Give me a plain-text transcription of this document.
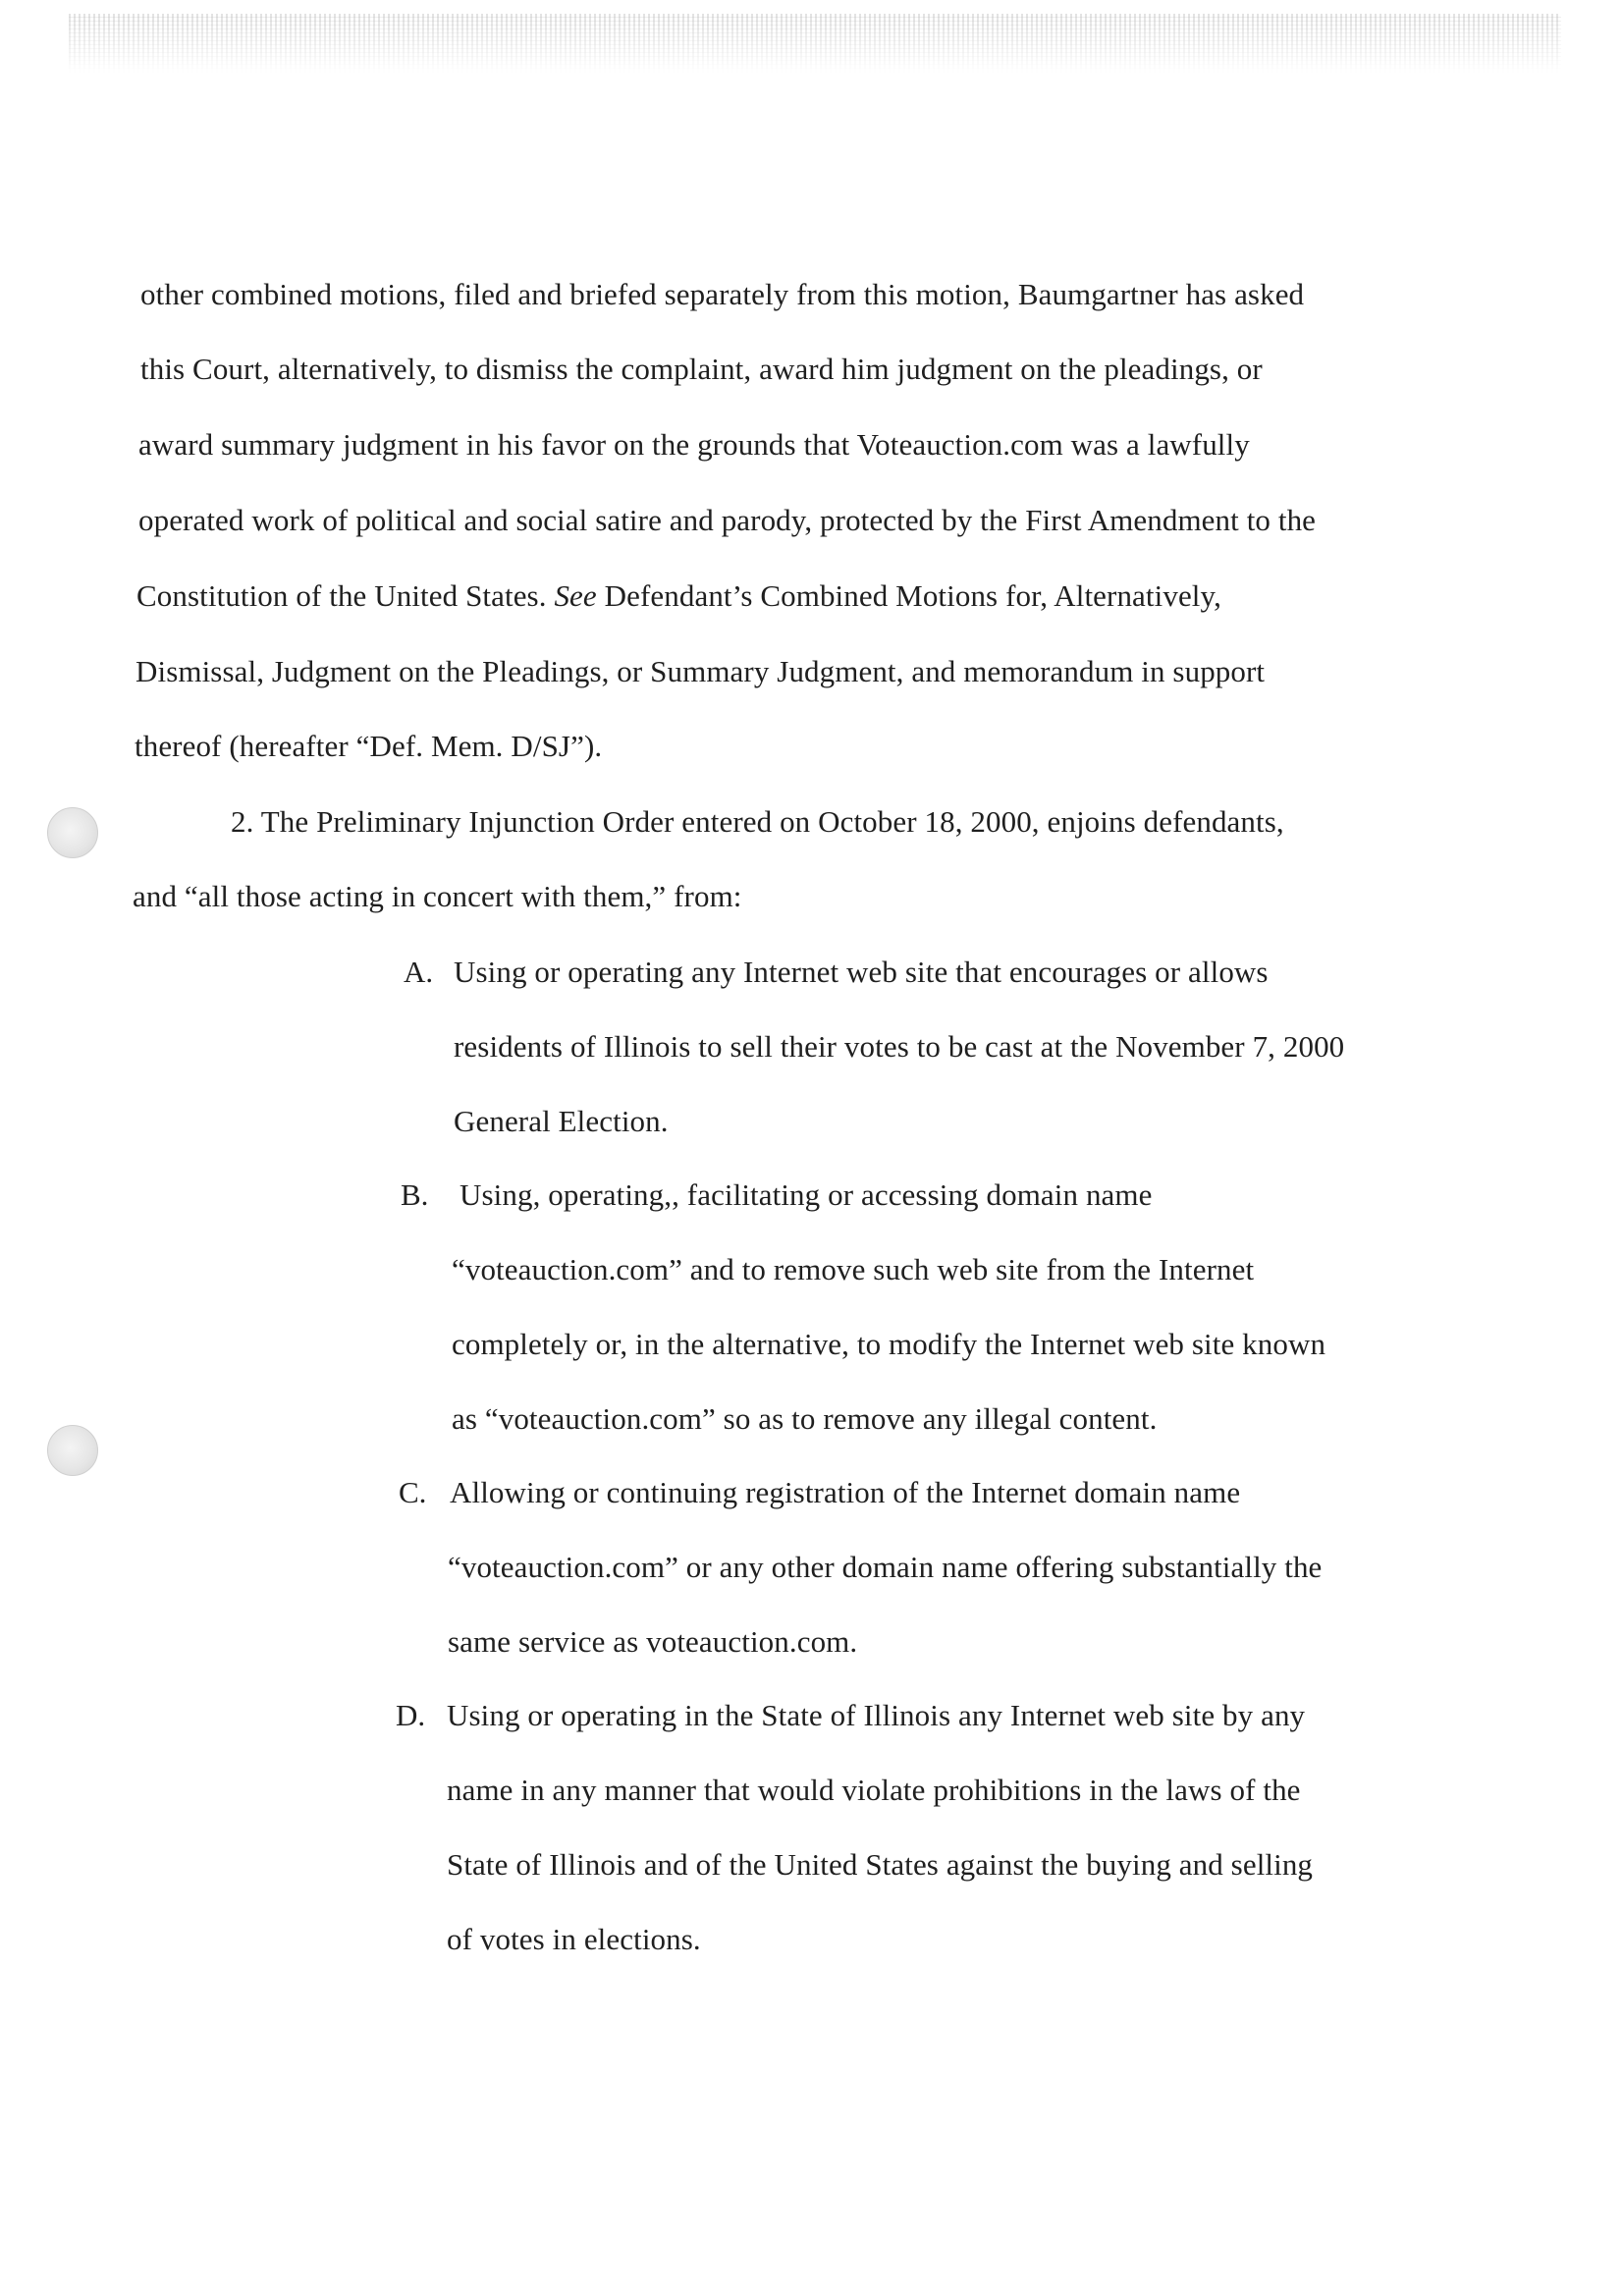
other combined motions, filed and briefed separately from this motion, Baumgartner has asked
this Court, alternatively, to dismiss the complaint, award him judgment on the pleadings, or
award summary judgment in his favor on the grounds that Voteauction.com was a lawfully
operated work of political and social satire and parody, protected by the First Amendment to the
Constitution of the United States. See Defendant’s Combined Motions for, Alternatively,
Dismissal, Judgment on the Pleadings, or Summary Judgment, and memorandum in support
thereof (hereafter “Def. Mem. D/SJ”).
2. The Preliminary Injunction Order entered on October 18, 2000, enjoins defendants,
and “all those acting in concert with them,” from:
A. Using or operating any Internet web site that encourages or allows
residents of Illinois to sell their votes to be cast at the November 7, 2000
General Election.
B. Using, operating,, facilitating or accessing domain name
“voteauction.com” and to remove such web site from the Internet
completely or, in the alternative, to modify the Internet web site known
as “voteauction.com” so as to remove any illegal content.
C. Allowing or continuing registration of the Internet domain name
“voteauction.com” or any other domain name offering substantially the
same service as voteauction.com.
D. Using or operating in the State of Illinois any Internet web site by any
name in any manner that would violate prohibitions in the laws of the
State of Illinois and of the United States against the buying and selling
of votes in elections.
